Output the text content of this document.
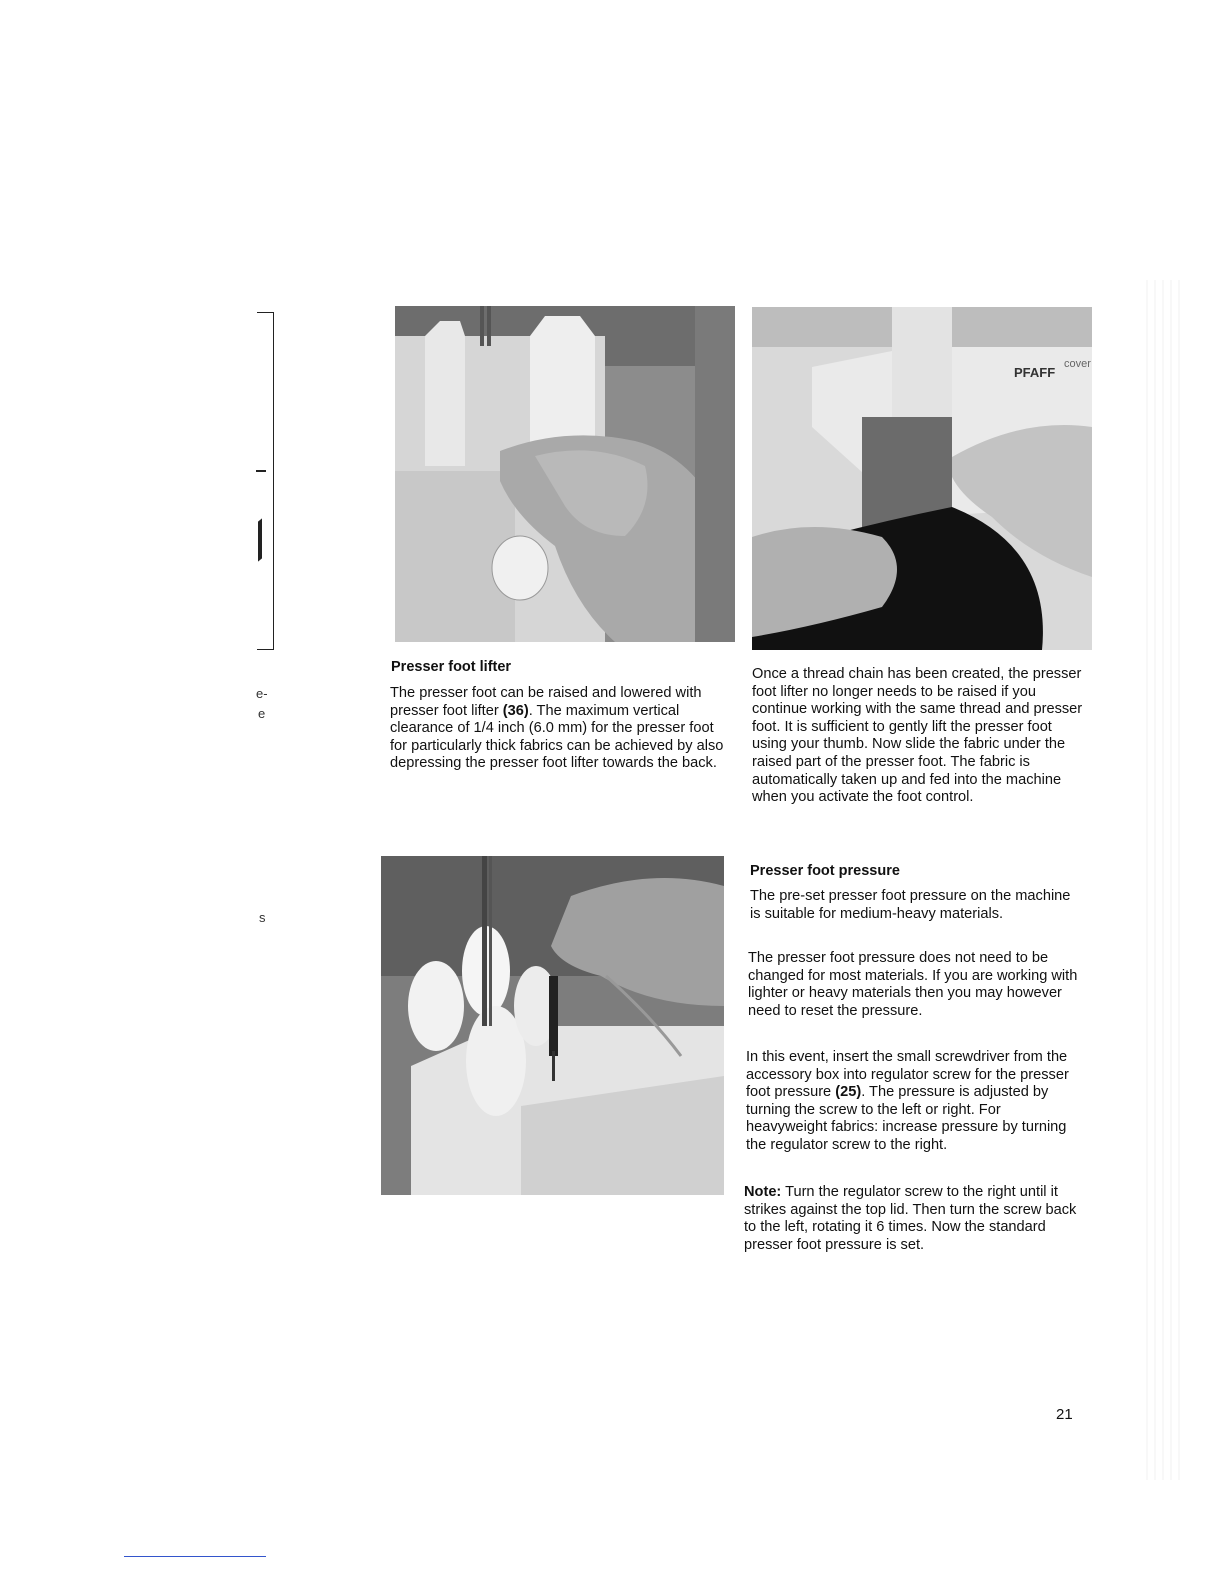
e-
e
s
PFAFF
cover
Presser foot lifter

The presser foot can be raised and lowered with presser foot lifter (36). The maximum vertical clearance of 1/4 inch (6.0 mm) for the presser foot for particularly thick fabrics can be achieved by also depressing the presser foot lifter towards the back.

Once a thread chain has been created, the presser foot lifter no longer needs to be raised if you continue working with the same thread and presser foot. It is sufficient to gently lift the presser foot using your thumb. Now slide the fabric under the raised part of the presser foot. The fabric is automatically taken up and fed into the machine when you activate the foot control.

Presser foot pressure

The pre-set presser foot pressure on the machine is suitable for medium-heavy materials.

The presser foot pressure does not need to be changed for most materials. If you are working with lighter or heavy materials then you may however need to reset the pressure.

In this event, insert the small screwdriver from the accessory box into regulator screw for the presser foot pressure (25). The pressure is adjusted by turning the screw to the left or right. For heavyweight fabrics: increase pressure by turning the regulator screw to the right.

Note: Turn the regulator screw to the right until it strikes against the top lid. Then turn the screw back to the left, rotating it 6 times. Now the standard presser foot pressure is set.

21
